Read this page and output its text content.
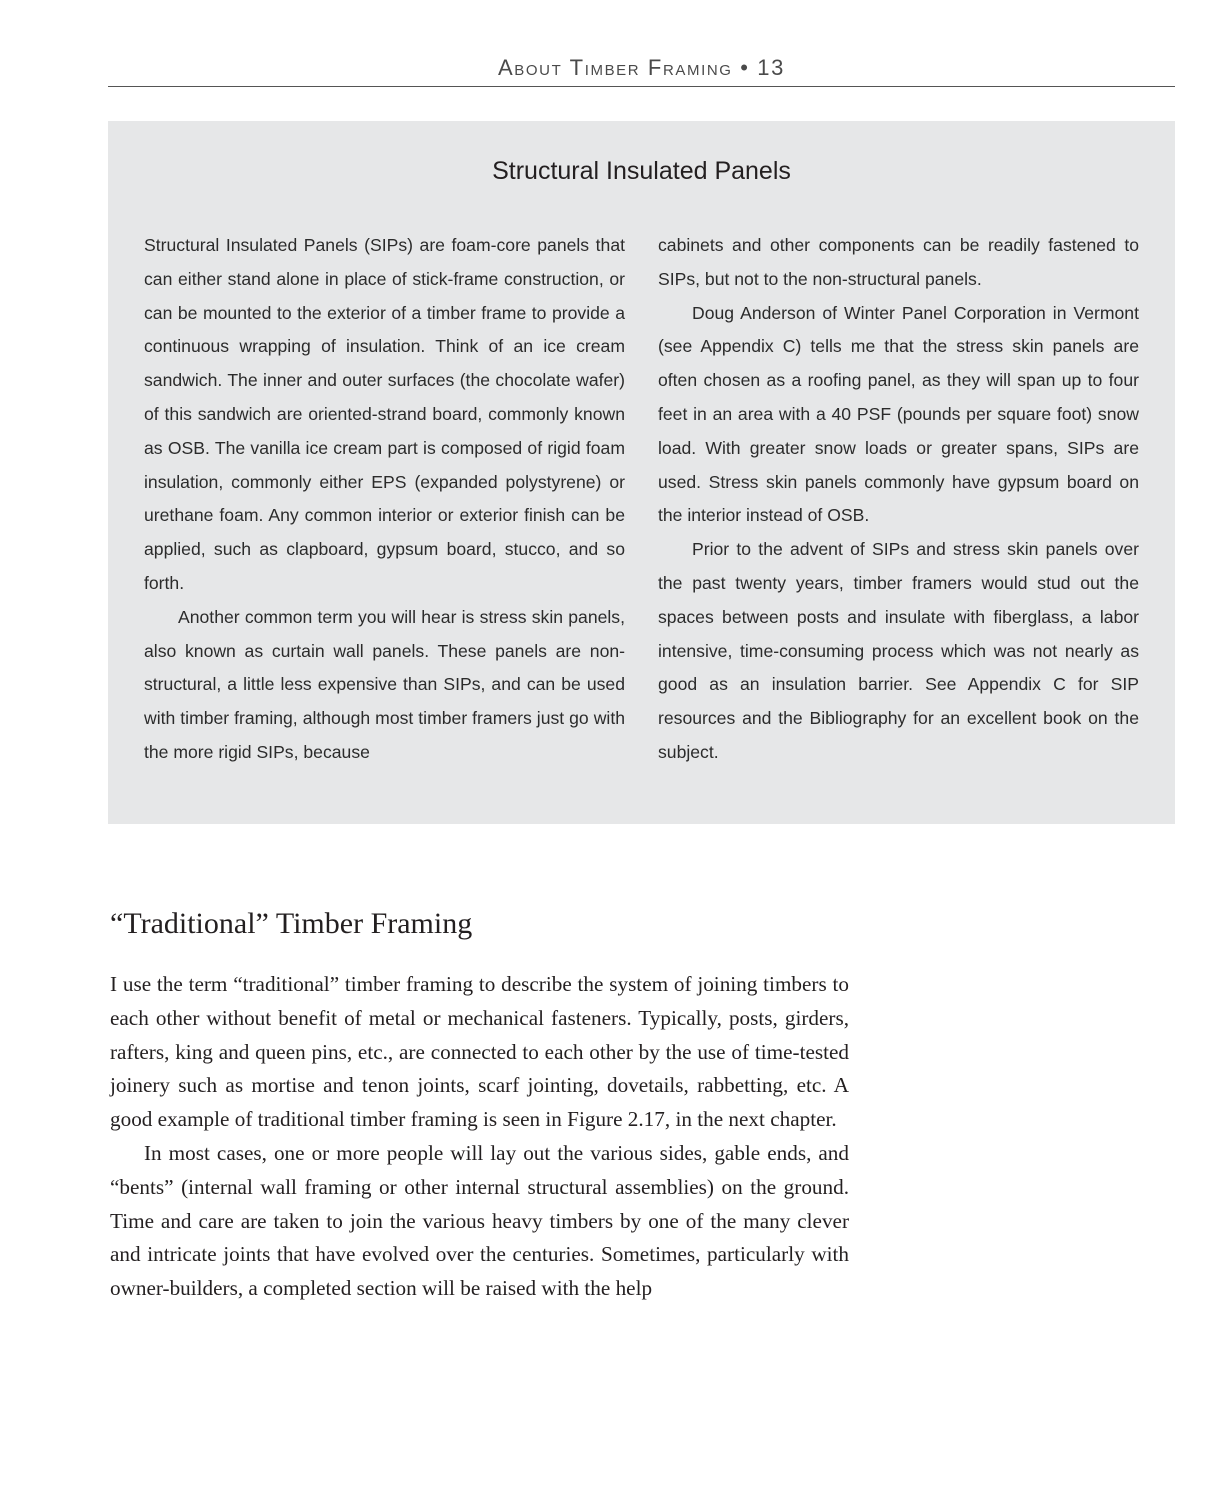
About Timber Framing • 13
Structural Insulated Panels

Structural Insulated Panels (SIPs) are foam-core panels that can either stand alone in place of stick-frame construction, or can be mounted to the exterior of a timber frame to provide a continuous wrapping of insulation. Think of an ice cream sandwich. The inner and outer surfaces (the chocolate wafer) of this sandwich are oriented-strand board, commonly known as OSB. The vanilla ice cream part is composed of rigid foam insulation, commonly either EPS (expanded polystyrene) or urethane foam. Any common interior or exterior finish can be applied, such as clapboard, gypsum board, stucco, and so forth.

Another common term you will hear is stress skin panels, also known as curtain wall panels. These panels are non-structural, a little less expensive than SIPs, and can be used with timber framing, although most timber framers just go with the more rigid SIPs, because

cabinets and other components can be readily fastened to SIPs, but not to the non-structural panels.

Doug Anderson of Winter Panel Corporation in Vermont (see Appendix C) tells me that the stress skin panels are often chosen as a roofing panel, as they will span up to four feet in an area with a 40 PSF (pounds per square foot) snow load. With greater snow loads or greater spans, SIPs are used. Stress skin panels commonly have gypsum board on the interior instead of OSB.

Prior to the advent of SIPs and stress skin panels over the past twenty years, timber framers would stud out the spaces between posts and insulate with fiberglass, a labor intensive, time-consuming process which was not nearly as good as an insulation barrier. See Appendix C for SIP resources and the Bibliography for an excellent book on the subject.

“Traditional” Timber Framing

I use the term “traditional” timber framing to describe the system of joining timbers to each other without benefit of metal or mechanical fasteners. Typically, posts, girders, rafters, king and queen pins, etc., are connected to each other by the use of time-tested joinery such as mortise and tenon joints, scarf jointing, dovetails, rabbetting, etc. A good example of traditional timber framing is seen in Figure 2.17, in the next chapter.

In most cases, one or more people will lay out the various sides, gable ends, and “bents” (internal wall framing or other internal structural assemblies) on the ground. Time and care are taken to join the various heavy timbers by one of the many clever and intricate joints that have evolved over the centuries. Sometimes, particularly with owner-builders, a completed section will be raised with the help
